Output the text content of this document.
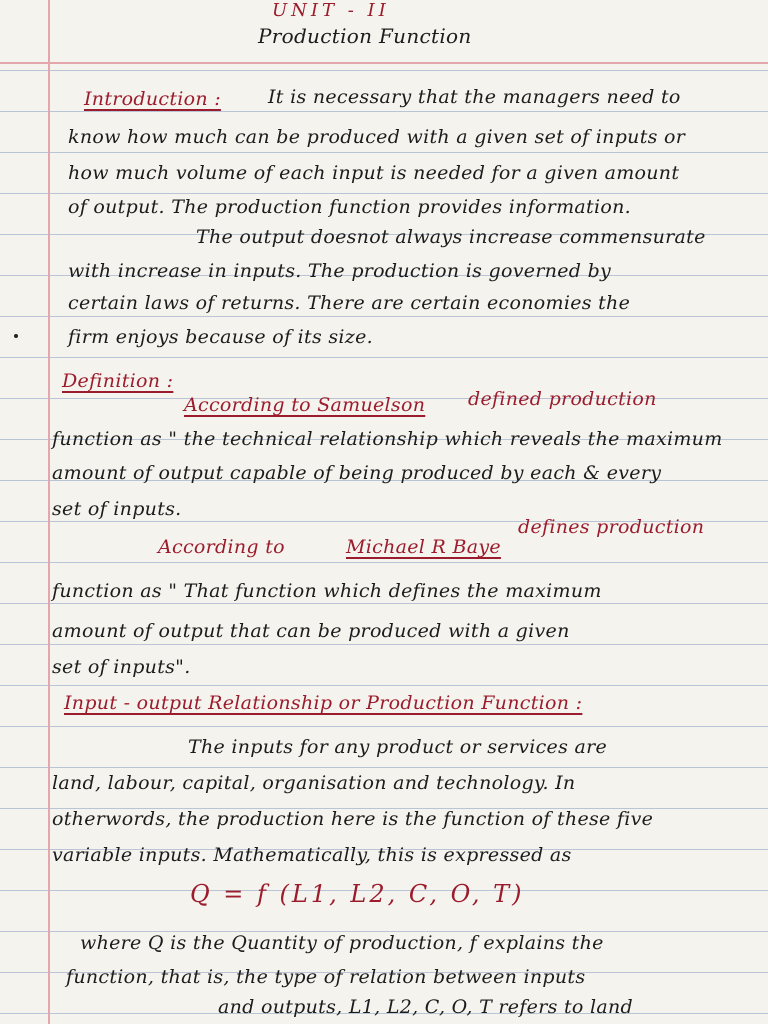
UNIT - II
Production Function
Introduction : It is necessary that the managers need to
know how much can be produced with a given set of inputs or
how much volume of each input is needed for a given amount
of output. The production function provides information.
The output doesnot always increase commensurate
with increase in inputs. The production is governed by
certain laws of returns. There are certain economies the
firm enjoys because of its size.
Definition :
According to Samuelson defined production
function as " the technical relationship which reveals the maximum
amount of output capable of being produced by each & every
set of inputs.
According to	Michael R Baye
defines production
function as " That function which defines the maximum
amount of output that can be produced with a given
set of inputs".
Input - output Relationship or Production Function :
The inputs for any product or services are
land, labour, capital, organisation and technology. In
otherwords, the production here is the function of these five
variable inputs. Mathematically, this is expressed as
Q = f (L1, L2, C, O, T)
where Q is the Quantity of production, f explains the
function, that is, the type of relation between inputs
and outputs, L1, L2, C, O, T refers to land
